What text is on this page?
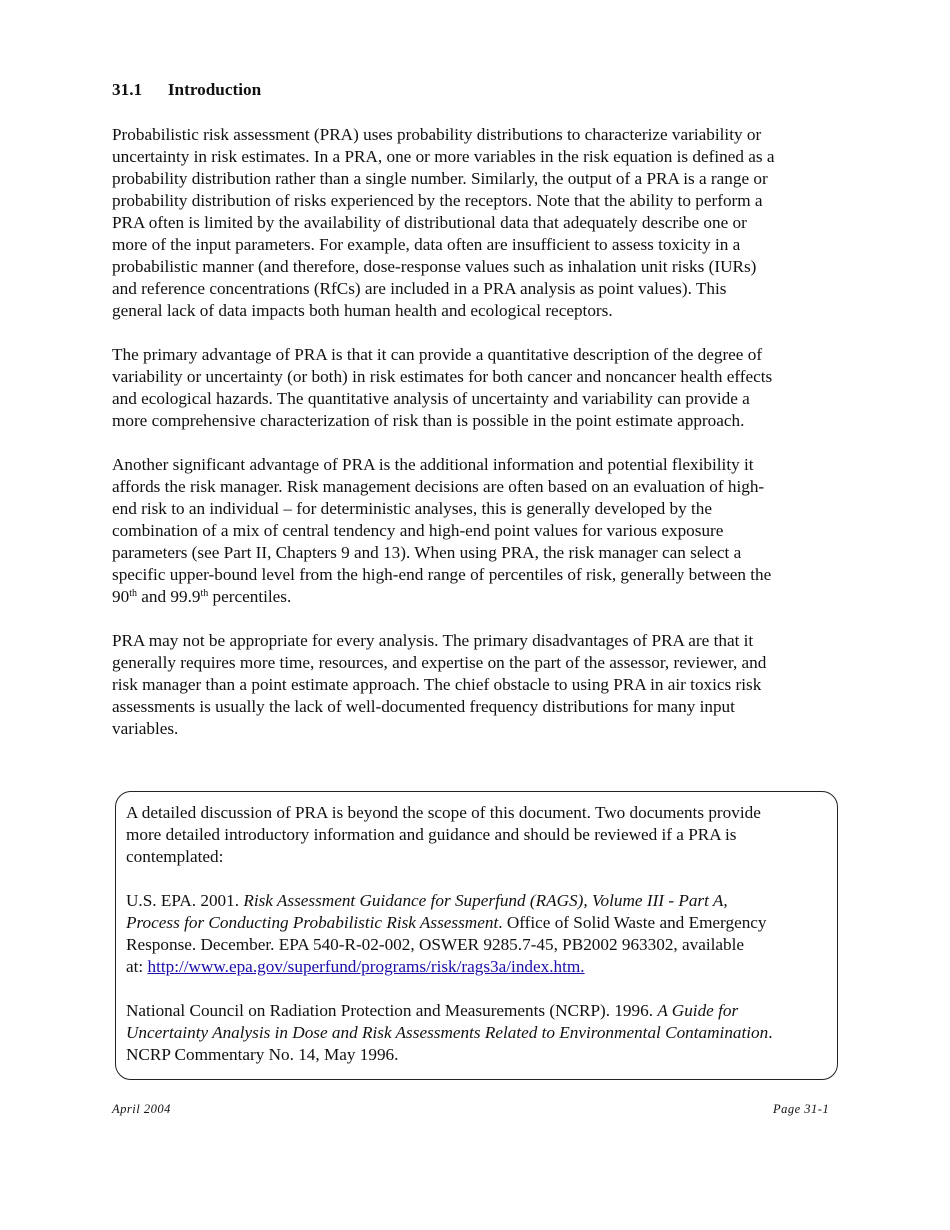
31.1 Introduction

Probabilistic risk assessment (PRA) uses probability distributions to characterize variability or
uncertainty in risk estimates. In a PRA, one or more variables in the risk equation is defined as a
probability distribution rather than a single number. Similarly, the output of a PRA is a range or
probability distribution of risks experienced by the receptors. Note that the ability to perform a
PRA often is limited by the availability of distributional data that adequately describe one or
more of the input parameters. For example, data often are insufficient to assess toxicity in a
probabilistic manner (and therefore, dose-response values such as inhalation unit risks (IURs)
and reference concentrations (RfCs) are included in a PRA analysis as point values). This
general lack of data impacts both human health and ecological receptors.

The primary advantage of PRA is that it can provide a quantitative description of the degree of
variability or uncertainty (or both) in risk estimates for both cancer and noncancer health effects
and ecological hazards. The quantitative analysis of uncertainty and variability can provide a
more comprehensive characterization of risk than is possible in the point estimate approach.

Another significant advantage of PRA is the additional information and potential flexibility it
affords the risk manager. Risk management decisions are often based on an evaluation of high-
end risk to an individual – for deterministic analyses, this is generally developed by the
combination of a mix of central tendency and high-end point values for various exposure
parameters (see Part II, Chapters 9 and 13). When using PRA, the risk manager can select a
specific upper-bound level from the high-end range of percentiles of risk, generally between the
90th and 99.9th percentiles.

PRA may not be appropriate for every analysis. The primary disadvantages of PRA are that it
generally requires more time, resources, and expertise on the part of the assessor, reviewer, and
risk manager than a point estimate approach. The chief obstacle to using PRA in air toxics risk
assessments is usually the lack of well-documented frequency distributions for many input
variables.

A detailed discussion of PRA is beyond the scope of this document. Two documents provide
more detailed introductory information and guidance and should be reviewed if a PRA is
contemplated:
U.S. EPA. 2001. Risk Assessment Guidance for Superfund (RAGS), Volume III - Part A,
Process for Conducting Probabilistic Risk Assessment. Office of Solid Waste and Emergency
Response. December. EPA 540-R-02-002, OSWER 9285.7-45, PB2002 963302, available
at: http://www.epa.gov/superfund/programs/risk/rags3a/index.htm.
National Council on Radiation Protection and Measurements (NCRP). 1996. A Guide for
Uncertainty Analysis in Dose and Risk Assessments Related to Environmental Contamination.
NCRP Commentary No. 14, May 1996.
April 2004	Page 31-1
